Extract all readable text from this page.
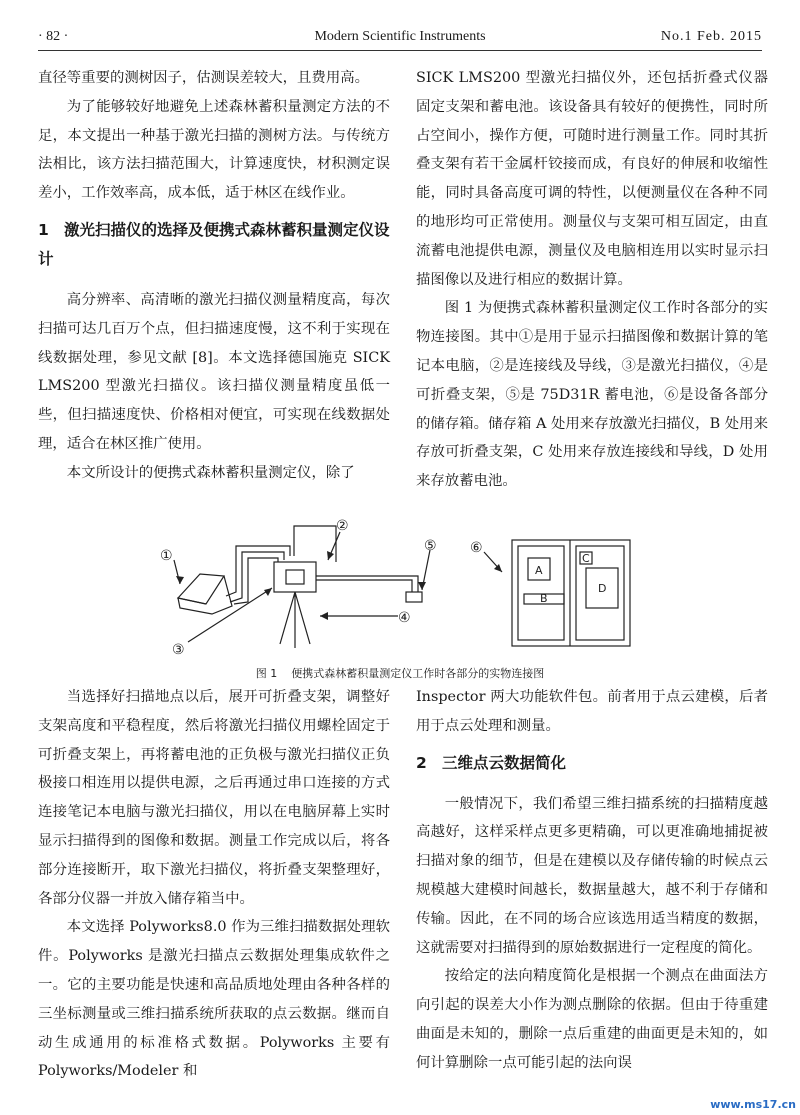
· 82 ·	Modern Scientific Instruments	No.1 Feb. 2015

直径等重要的测树因子，估测误差较大，且费用高。

为了能够较好地避免上述森林蓄积量测定方法的不足，本文提出一种基于激光扫描的测树方法。与传统方法相比，该方法扫描范围大，计算速度快，材积测定误差小，工作效率高，成本低，适于林区在线作业。

1 激光扫描仪的选择及便携式森林蓄积量测定仪设计

高分辨率、高清晰的激光扫描仪测量精度高，每次扫描可达几百万个点，但扫描速度慢，这不利于实现在线数据处理，参见文献 [8]。本文选择德国施克 SICK LMS200 型激光扫描仪。该扫描仪测量精度虽低一些，但扫描速度快、价格相对便宜，可实现在线数据处理，适合在林区推广使用。

本文所设计的便携式森林蓄积量测定仪，除了

SICK LMS200 型激光扫描仪外，还包括折叠式仪器固定支架和蓄电池。该设备具有较好的便携性，同时所占空间小，操作方便，可随时进行测量工作。同时其折叠支架有若干金属杆铰接而成，有良好的伸展和收缩性能，同时具备高度可调的特性，以便测量仪在各种不同的地形均可正常使用。测量仪与支架可相互固定，由直流蓄电池提供电源，测量仪及电脑相连用以实时显示扫描图像以及进行相应的数据计算。

图 1 为便携式森林蓄积量测定仪工作时各部分的实物连接图。其中①是用于显示扫描图像和数据计算的笔记本电脑，②是连接线及导线，③是激光扫描仪，④是可折叠支架，⑤是 75D31R 蓄电池，⑥是设备各部分的储存箱。储存箱 A 处用来存放激光扫描仪，B 处用来存放可折叠支架，C 处用来存放连接线和导线，D 处用来存放蓄电池。

①
②
③
④
⑤ ⑥
A
B
C
D
图 1 便携式森林蓄积量测定仪工作时各部分的实物连接图

当选择好扫描地点以后，展开可折叠支架，调整好支架高度和平稳程度，然后将激光扫描仪用螺栓固定于可折叠支架上，再将蓄电池的正负极与激光扫描仪正负极接口相连用以提供电源，之后再通过串口连接的方式连接笔记本电脑与激光扫描仪，用以在电脑屏幕上实时显示扫描得到的图像和数据。测量工作完成以后，将各部分连接断开，取下激光扫描仪，将折叠支架整理好，各部分仪器一并放入储存箱当中。

本文选择 Polyworks8.0 作为三维扫描数据处理软件。Polyworks 是激光扫描点云数据处理集成软件之一。它的主要功能是快速和高品质地处理由各种各样的三坐标测量或三维扫描系统所获取的点云数据。继而自动生成通用的标准格式数据。Polyworks 主要有 Polyworks/Modeler 和

Inspector 两大功能软件包。前者用于点云建模，后者用于点云处理和测量。

2 三维点云数据简化

一般情况下，我们希望三维扫描系统的扫描精度越高越好，这样采样点更多更精确，可以更准确地捕捉被扫描对象的细节，但是在建模以及存储传输的时候点云规模越大建模时间越长，数据量越大，越不利于存储和传输。因此，在不同的场合应该选用适当精度的数据，这就需要对扫描得到的原始数据进行一定程度的简化。

按给定的法向精度简化是根据一个测点在曲面法方向引起的误差大小作为测点删除的依据。但由于待重建曲面是未知的，删除一点后重建的曲面更是未知的，如何计算删除一点可能引起的法向误

www.ms17.cn
